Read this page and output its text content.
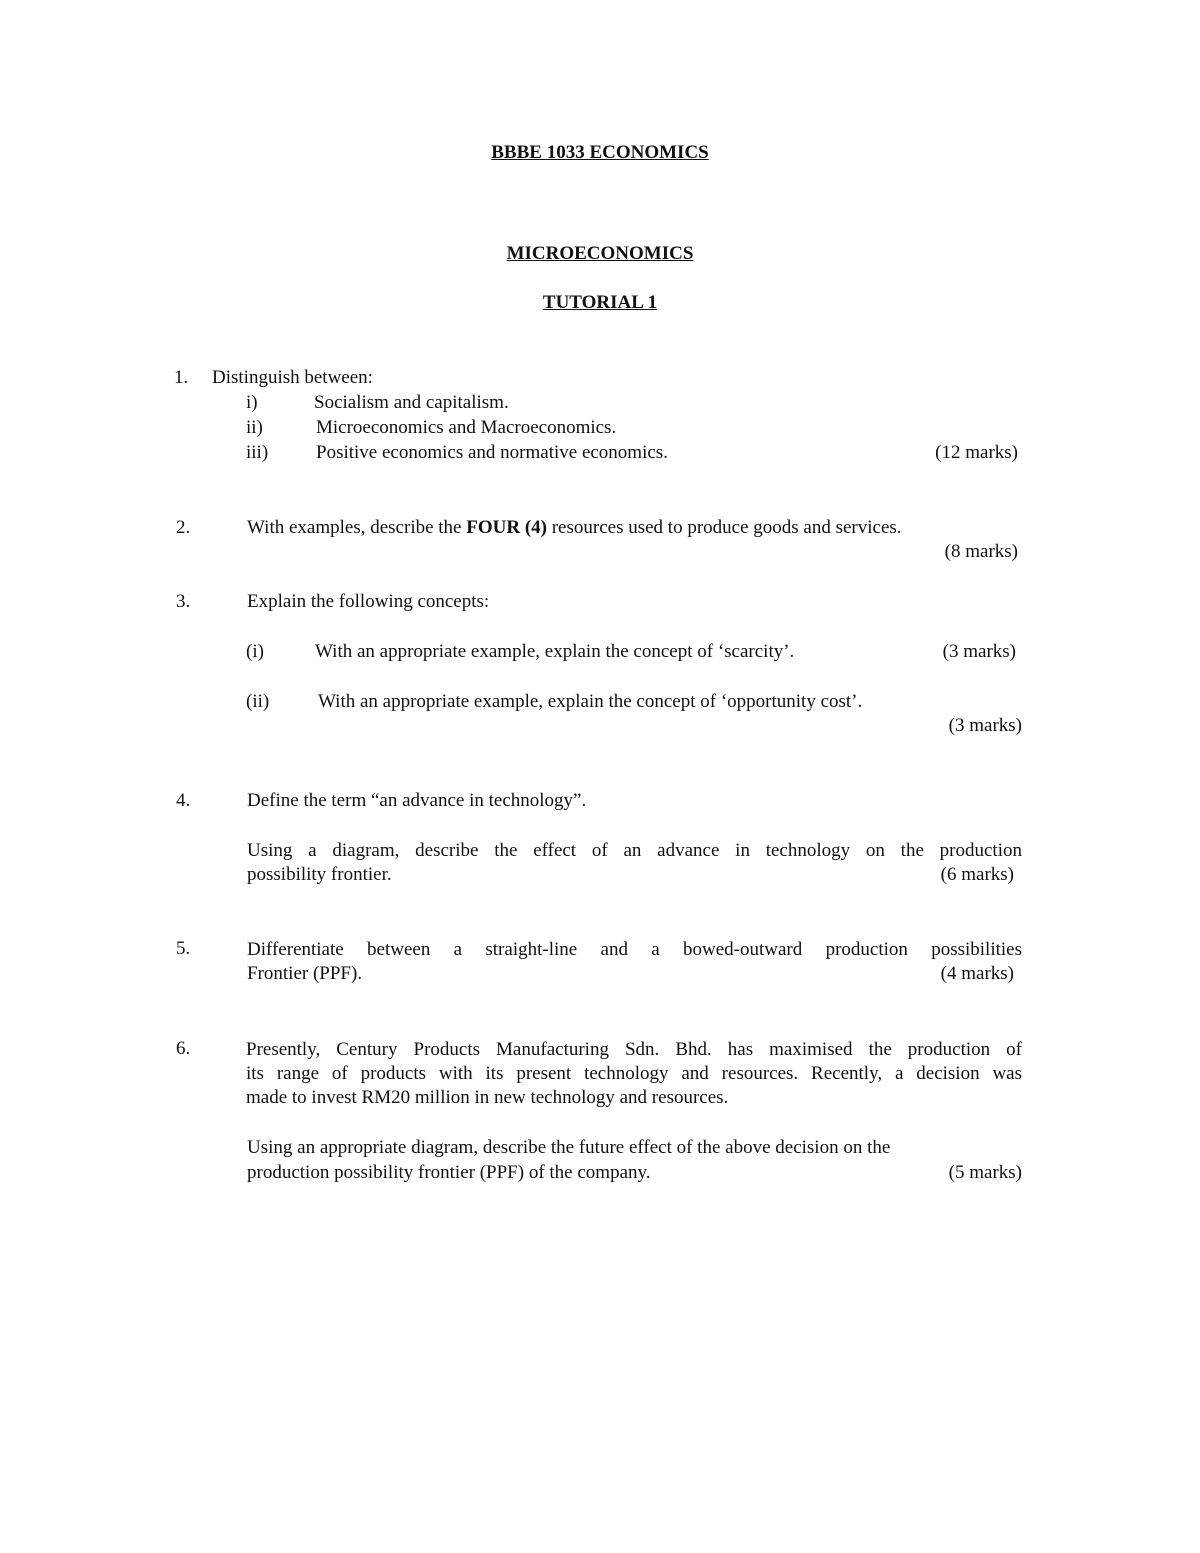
BBBE 1033 ECONOMICS
MICROECONOMICS
TUTORIAL 1
1. Distinguish between:
i)	Socialism and capitalism.
ii)	Microeconomics and Macroeconomics.
iii)	Positive economics and normative economics.	(12 marks)
2.	With examples, describe the FOUR (4) resources used to produce goods and services.
(8 marks)
3.	Explain the following concepts:
(i)	With an appropriate example, explain the concept of ‘scarcity’.	(3 marks)
(ii)	With an appropriate example, explain the concept of ‘opportunity cost’.
(3 marks)
4.	Define the term “an advance in technology”.
Using a diagram, describe the effect of an advance in technology on the production
possibility frontier.	(6 marks)
5.	Differentiate between a straight-line and a bowed-outward production possibilities
Frontier (PPF).	(4 marks)
6.	Presently, Century Products Manufacturing Sdn. Bhd. has maximised the production of
its range of products with its present technology and resources. Recently, a decision was
made to invest RM20 million in new technology and resources.
Using an appropriate diagram, describe the future effect of the above decision on the
production possibility frontier (PPF) of the company.	(5 marks)
